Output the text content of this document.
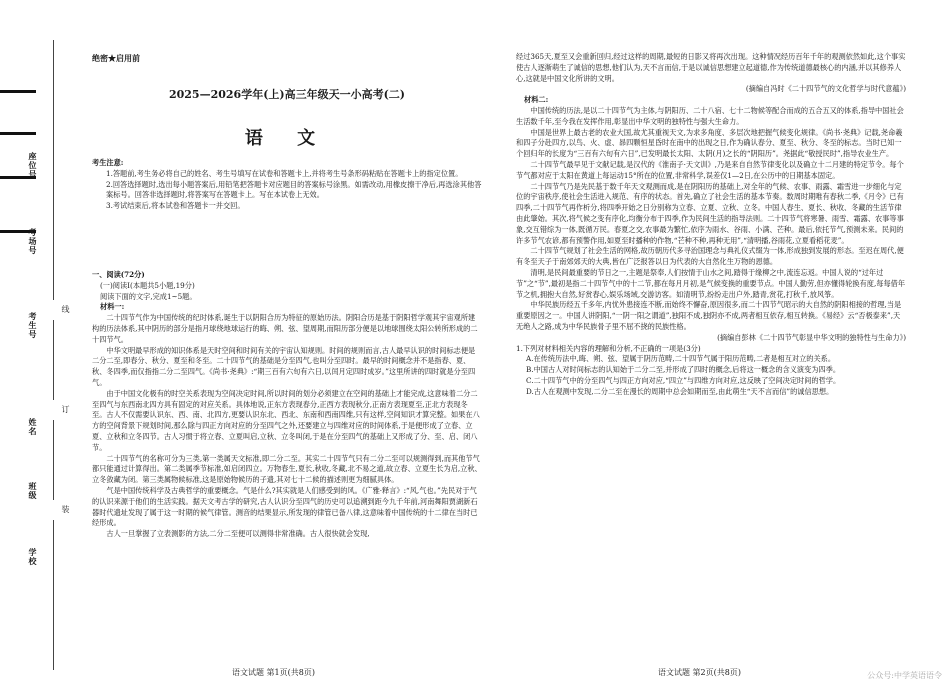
座位号
考场号
考生号
姓名
班级
学校
线
订
装
绝密★启用前
2025—2026学年(上)高三年级天一小高考(二)
语 文

考生注意:

1.答题前,考生务必将自己的姓名、考生号填写在试卷和答题卡上,并将考生号条形码粘贴在答题卡上的指定位置。

2.回答选择题时,选出每小题答案后,用铅笔把答题卡对应题目的答案标号涂黑。如需改动,用橡皮擦干净后,再选涂其他答案标号。回答非选择题时,将答案写在答题卡上。写在本试卷上无效。

3.考试结束后,将本试卷和答题卡一并交回。

一、阅读(72分)

(一)阅读Ⅰ(本题共5小题,19分)

阅读下面的文字,完成1~5题。

材料一:

二十四节气作为中国传统的纪时体系,诞生于以阴阳合历为特征的原始历法。阴阳合历是基于阴阳哲学观其宇宙观所建构的历法体系,其中阴历的部分是指月球绕地球运行的晦、朔、弦、望周期,而阳历部分便是以地球围绕太阳公转所形成的二十四节气。

中华文明最早形成的知识体系是天时空间和时间有关的宇宙认知规则。时间的规则而言,古人最早认识的时间标志便是二分二至,即春分、秋分、夏至和冬至。二十四节气的基础是分至四气,也叫分至四时。最早的时间概念并不是指春、夏、秋、冬四季,而仅指指二分二至四气。《尚书·尧典》:“期三百有六旬有六日,以闰月定四时成岁。”这里所讲的四时就是分至四气。

由于中国文化极有的时空关系表现为空间决定时间,所以时间的划分必须建立在空间的基础上才能完成,这意味着二分二至四气与东西南北四方具有固定的对应关系。具体地说,正东方表现春分,正西方表现秋分,正南方表现夏至,正北方表现冬至。古人不仅需要认识东、西、南、北四方,更要认识东北、西北、东南和西南四维,只有这样,空间知识才算完整。如果在八方的空间背景下规划时间,那么除与四正方向对应的分至四气之外,还要建立与四维对应的时间体系,于是便形成了立春、立夏、立秋和立冬四节。古人习惯于将立春、立夏叫启,立秋、立冬叫闭,于是在分至四气的基础上又形成了分、至、启、闭八节。

二十四节气的名称可分为三类,第一类属天文标准,即二分二至。其实二十四节气只有二分二至可以规测得到,而其他节气都只能通过计算得出。第二类属季节标准,如启闭四立。万物春生,夏长,秋收,冬藏,北不易之道,故立春、立夏生长为启,立秋、立冬敛藏为闭。第三类属物候标准,这是原始物候历的子遗,其对七十二候的描述则更为细腻具体。

气是中国传统科学及古典哲学的重要概念。气是什么?其实就是人们感受到的风。《广雅·释言》:“风,气也。”先民对于气的认识来源于他们的生活实践。据天文考古学的研究,古人认识分至四气的历史可以追溯到距今九千年前,河南舞阳贾湖新石器时代遗址发现了属于这一时期的候气律管。测音的结果显示,所发现的律管已备八律,这意味着中国传统的十二律在当时已经形成。

古人一旦掌握了立表测影的方法,二分二至便可以测得非常准确。古人很快就会发现,

经过365天,夏至又会重新回归,经过这样的周期,最短的日影又将再次出现。这种情况经历百年千年的观测依然如此,这个事实使古人逐渐萌生了诚信的思想,他们认为,天不言而信,于是以诚信思想建立起道德,作为传统道德最核心的内涵,并以其修养人心,这就是中国文化所讲的文明。

(摘编自冯时《二十四节气的文化哲学与时代意蕴》)

材料二:

中国传统的历法,是以二十四节气为主体,与阴阳历、二十八宿、七十二物候等配合而成的五合五又的体系,指导中国社会生活数千年,至今我在发挥作用,彰显出中华文明的独特性与强大生命力。

中国是世界上最古老的农业大国,故尤其重视天文,为求多角度、多层次地把握气候变化规律。《尚书·尧典》记载,尧命羲和四子分赴四方,以鸟、火、虚、昴四颗恒星昏时在南中的出现之日,作为确认春分、夏至、秋分、冬至的标志。当时已知一个回归年的长度为“三百有六旬有六日”,已发明最长太阳、太阴(月)之长的“阴阳历”。尧据此“敬授民时”,指导农业生产。

二十四节气最早见于文献记载,是汉代的《淮南子·天文训》,乃是来自自然节律变化以及确立十二月建的特定节令。每个节气都对应于太阳在黄道上每运动15°所在的位置,非常科学,误差仅1—2日,在公历中的日期基本固定。

二十四节气乃是先民基于数千年天文观测而成,是在阴阳历的基础上,对全年的气候、农事、雨露、霜雪进一步细化与定位的宇宙秩序,使社会生活进入规范、有序的状态。首先,确立了社会生活的基本节奏。数周时期唯有春秋二季,《月令》已有四季,二十四节气再作析分,将四季开始之日分别称为立春、立夏、立秋、立冬。中国人春生、夏长、秋收、冬藏的生活节律由此肇始。其次,将气候之变有序化,均衡分布于四季,作为民间生活的指导法则。二十四节气将寒暑、雨雪、霜露、农事等事象,交互错综为一体,既循万民。春夏之交,农事最为繁忙,依序为雨水、谷雨、小满、芒种。最后,依托节气,预测未来。民间的许多节气农谚,都有预警作用,如夏至时播种的作物,“芒种不种,再种无用”,“清明播,谷雨花,立夏看稻花麦”。

二十四节气规划了社会生活的网格,故历朝历代多寻治国理念与典礼仪式缀为一体,形成独到发展的形态。至迟在周代,便有冬至天子于南郊郊天的大典,皆在广泛报答以日为代表的大自然化生万物的恩德。

清明,是民间最重要的节日之一,主题是祭奉,人们按情于山水之间,踏得于缘柳之中,流连忘返。中国人说的“过年过节”之“节”,最初是指二十四节气中的十二节,都在每月月初,是气候变换的重要节点。中国人勤劳,但亦懂得轮换有度,每每借年节之机,拥抱大自然,好赏春心,娱乐场域,交游访客。如清明节,纷纷走出户外,踏青,赏花,打秋千,放风筝。

中华民族历经五千多年,内忧外患接连不断,而始终不懈奋,原因很多,而二十四节气昭示的大自然的阴阳相接的哲理,当是重要原因之一。中国人讲阴阳,“一阴一阳之谓道”,独阳不成,独阴亦不成,两者相互依存,相互转换。《易经》云“否极泰来”,天无绝人之路,成为中华民族骨子里不屈不挠的民族性格。

(摘编自彭林《二十四节气彰显中华文明的独特性与生命力》)

1.下列对材料相关内容的理解和分析,不正确的一项是(3分)

A.在传统历法中,晦、朔、弦、望属于阴历范畴,二十四节气属于阳历范畴,二者是相互对立的关系。

B.中国古人对时间标志的认知始于二分二至,并形成了四时的概念,后将这一概念的含义演变为四季。

C.二十四节气中的分至四气与四正方向对应,“四立”与四维方向对应,这反映了空间决定时间的哲学。

D.古人在观测中发现,二分二至在漫长的周期中总会如期而至,由此萌生“天不言而信”的诚信思想。

语文试题 第1页(共8页)	语文试题 第2页(共8页)	公众号:中学英语语令
